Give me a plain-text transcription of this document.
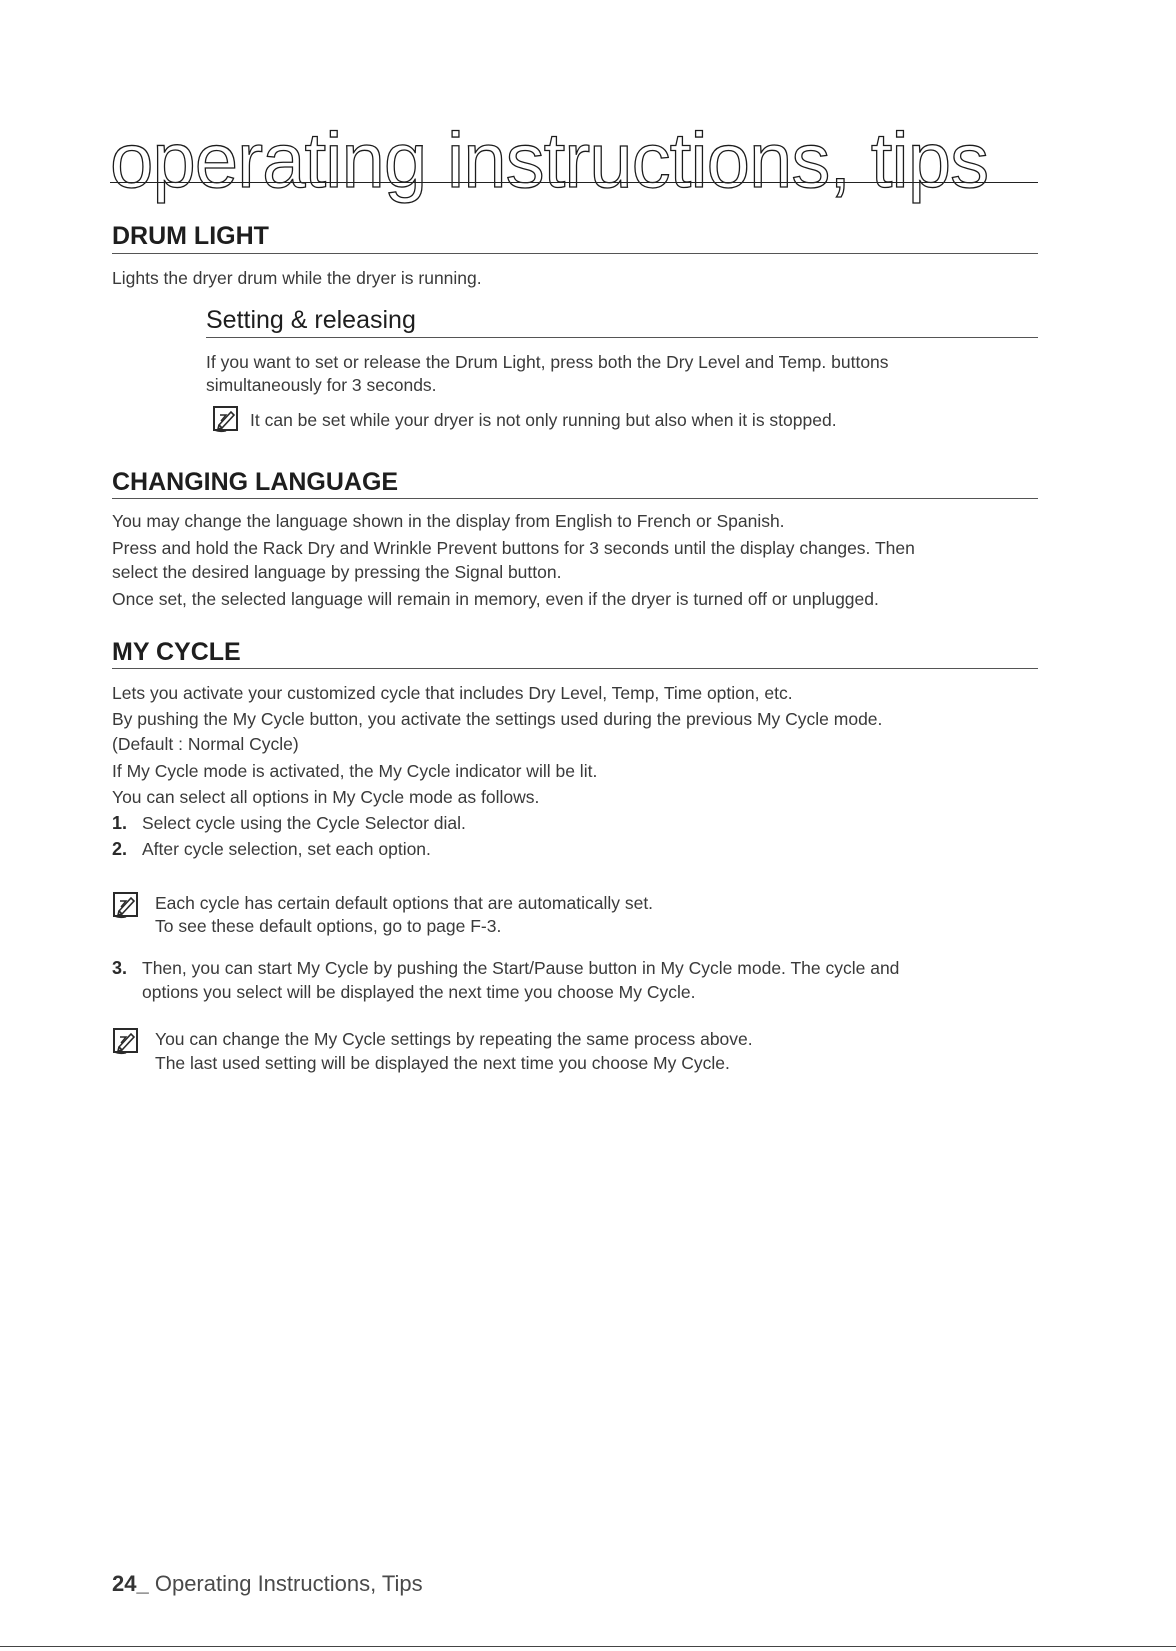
operating instructions, tips
DRUM LIGHT

Lights the dryer drum while the dryer is running.

Setting & releasing

If you want to set or release the Drum Light, press both the Dry Level and Temp. buttons

simultaneously for 3 seconds.

It can be set while your dryer is not only running but also when it is stopped.

CHANGING LANGUAGE

You may change the language shown in the display from English to French or Spanish.

Press and hold the Rack Dry and Wrinkle Prevent buttons for 3 seconds until the display changes. Then

select the desired language by pressing the Signal button.

Once set, the selected language will remain in memory, even if the dryer is turned off or unplugged.

MY CYCLE

Lets you activate your customized cycle that includes Dry Level, Temp, Time option, etc.

By pushing the My Cycle button, you activate the settings used during the previous My Cycle mode.

(Default : Normal Cycle)

If My Cycle mode is activated, the My Cycle indicator will be lit.

You can select all options in My Cycle mode as follows.

1. Select cycle using the Cycle Selector dial.

2. After cycle selection, set each option.

Each cycle has certain default options that are automatically set.

To see these default options, go to page F-3.

3. Then, you can start My Cycle by pushing the Start/Pause button in My Cycle mode. The cycle and

options you select will be displayed the next time you choose My Cycle.

You can change the My Cycle settings by repeating the same process above.

The last used setting will be displayed the next time you choose My Cycle.

24_ Operating Instructions, Tips
